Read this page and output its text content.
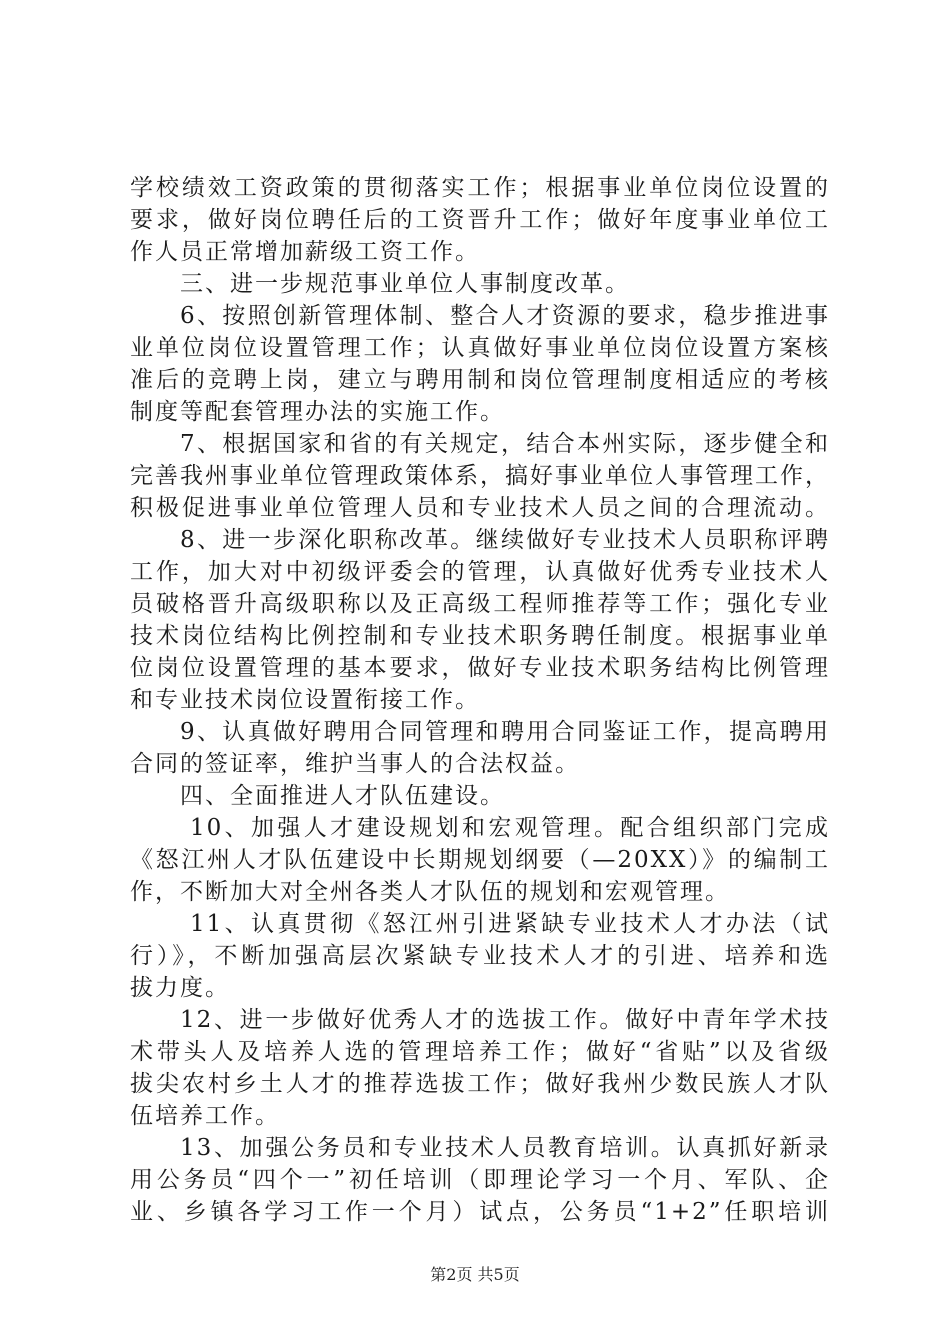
学校绩效工资政策的贯彻落实工作；根据事业单位岗位设置的
要求，做好岗位聘任后的工资晋升工作；做好年度事业单位工
作人员正常增加薪级工资工作。
三、进一步规范事业单位人事制度改革。
6、按照创新管理体制、整合人才资源的要求，稳步推进事
业单位岗位设置管理工作；认真做好事业单位岗位设置方案核
准后的竞聘上岗，建立与聘用制和岗位管理制度相适应的考核
制度等配套管理办法的实施工作。
7、根据国家和省的有关规定，结合本州实际，逐步健全和
完善我州事业单位管理政策体系，搞好事业单位人事管理工作，
积极促进事业单位管理人员和专业技术人员之间的合理流动。
8、进一步深化职称改革。继续做好专业技术人员职称评聘
工作，加大对中初级评委会的管理，认真做好优秀专业技术人
员破格晋升高级职称以及正高级工程师推荐等工作；强化专业
技术岗位结构比例控制和专业技术职务聘任制度。根据事业单
位岗位设置管理的基本要求，做好专业技术职务结构比例管理
和专业技术岗位设置衔接工作。
9、认真做好聘用合同管理和聘用合同鉴证工作，提高聘用
合同的签证率，维护当事人的合法权益。
四、全面推进人才队伍建设。
10、加强人才建设规划和宏观管理。配合组织部门完成
《怒江州人才队伍建设中长期规划纲要（—20XX）》的编制工
作，不断加大对全州各类人才队伍的规划和宏观管理。
11、认真贯彻《怒江州引进紧缺专业技术人才办法（试
行）》，不断加强高层次紧缺专业技术人才的引进、培养和选
拔力度。
12、进一步做好优秀人才的选拔工作。做好中青年学术技
术带头人及培养人选的管理培养工作；做好“省贴”以及省级
拔尖农村乡土人才的推荐选拔工作；做好我州少数民族人才队
伍培养工作。
13、加强公务员和专业技术人员教育培训。认真抓好新录
用公务员“四个一”初任培训（即理论学习一个月、军队、企
业、乡镇各学习工作一个月）试点，公务员“1+2”任职培训
第2页 共5页
